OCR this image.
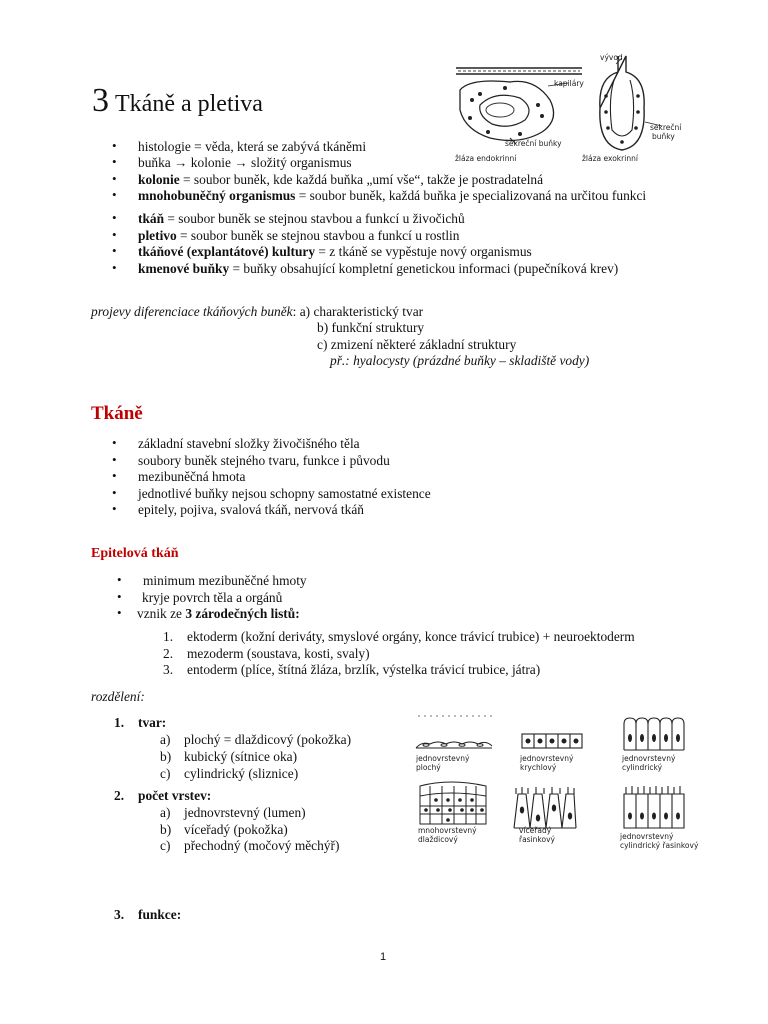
3 Tkáně a pletiva
vývod
kapiláry
sekreční
buňky
sekreční buňky
žláza endokrinní	žláza exokrinní
• histologie = věda, která se zabývá tkáněmi
• buňka → kolonie → složitý organismus
• kolonie = soubor buněk, kde každá buňka „umí vše“, takže je postradatelná
• mnohobuněčný organismus = soubor buněk, každá buňka je specializovaná na určitou funkci
• tkáň = soubor buněk se stejnou stavbou a funkcí u živočichů
• pletivo = soubor buněk se stejnou stavbou a funkcí u rostlin
• tkáňové (explantátové) kultury = z tkáně se vypěstuje nový organismus
• kmenové buňky = buňky obsahující kompletní genetickou informaci (pupečníková krev)
projevy diferenciace tkáňových buněk: a) charakteristický tvar
b) funkční struktury
c) zmizení některé základní struktury
př.: hyalocysty (prázdné buňky – skladiště vody)
Tkáně
• základní stavební složky živočišného těla
• soubory buněk stejného tvaru, funkce i původu
• mezibuněčná hmota
• jednotlivé buňky nejsou schopny samostatné existence
• epitely, pojiva, svalová tkáň, nervová tkáň
Epitelová tkáň
• minimum mezibuněčné hmoty
• kryje povrch těla a orgánů
• vznik ze 3 zárodečných listů:
1.	ektoderm (kožní deriváty, smyslové orgány, konce trávicí trubice) + neuroektoderm
2.	mezoderm (soustava, kosti, svaly)
3.	entoderm (plíce, štítná žláza, brzlík, výstelka trávicí trubice, játra)
rozdělení:
1.	tvar:
a)	plochý = dlaždicový (pokožka)
b) kubický (sítnice oka)
c)	cylindrický (sliznice)
2.	počet vrstev:
a)	jednovrstevný (lumen)
b) víceřadý (pokožka)
c)	přechodný (močový měchýř)
3.	funkce:
jednovrstevný
plochý
jednovrstevný
krychlový
jednovrstevný
cylindrický
mnohovrstevný
dlaždicový
víceřadý
řasinkový	jednovrstevný
cylindrický řasinkový
1
